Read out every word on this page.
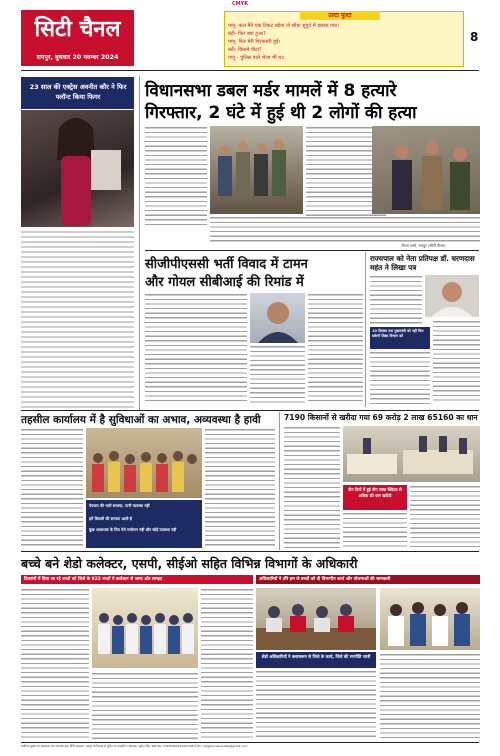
CMYK
सिटी चैनल
रायपुर, बुधवार 20 नवम्बर 2024
उल्टा पुल्टा
पप्पू- कल मैंने एक टिकट खोया तो सीधा सुपुर्द में डकारा गया।
बंटी- फिर क्या हुआ?
पप्पू- फिर मेरी गिरफ्तारी हुई।
बंटी- किसने पीटा?
पप्पू - पुलिस वाले भेजा भी था।
8
23 साल की एक्ट्रेस अवनीत कौर ने फिर फ्लॉन्ट किया फिगर	विधानसभा डबल मर्डर मामलें में 8 हत्यारे
गिरफ्तार, 2 घंटे में हुई थी 2 लोगों की हत्या
-नीरज शर्मा, रायपुर (सीटी चैनल)
सीजीपीएससी भर्ती विवाद में टामन
और गोयल सीबीआई की रिमांड में
राज्यपाल को नेता प्रतिपक्ष डॉ. चरणदास महंत ने लिखा पत्र
10 दिसंबर तक मुख्यमंत्री को नहीं मिल सकेगी शिक्षा विभाग को
तहसील कार्यालय में है सुविधाओं का अभाव, अव्यवस्था है हावी
पेयजल की भारी समस्या, पानी व्यवस्था नहीं
हमें बिजली की समस्या आती है
कुछ आवश्यक के लिए ऐसे सम्मेलन नहीं और कोई व्यवस्था नहीं
7190 किसानों से खरीदा गया 69 करोड़ 2 लाख 65160 का धान
दीन दिनों में हुई तीन लाख क्विंटल से अधिक की धान खरीदी
बच्चे बने शेडो कलेक्टर, एसपी, सीईओ सहित विभिन्न विभागों के अधिकारी
दिव्यांगों में दिया जा रहे बच्चों को जिले के 922 बच्चों ने कलेक्टर से जाना और समझा	अधिकारियों ने तौरे हम जे बच्चों को दी विभागीय कार्य और योजनाओं की जानकारी
शेडो अधिकारियों ने क्लासरूम से जिले के कार्य, जिले की रणनीति जानी
स्वामित्व मुद्रक एवं प्रकाशक तथा संपादक द्वारा विधि प्रकाशन, रायपुर छत्तीसगढ़ से मुद्रित एवं प्रकाशित। संपादक: भूपेन्द्र सिंह, RNI No. CHHHIN/2015/63748 ई-मेल: cityghannelupdate@gmail.com
